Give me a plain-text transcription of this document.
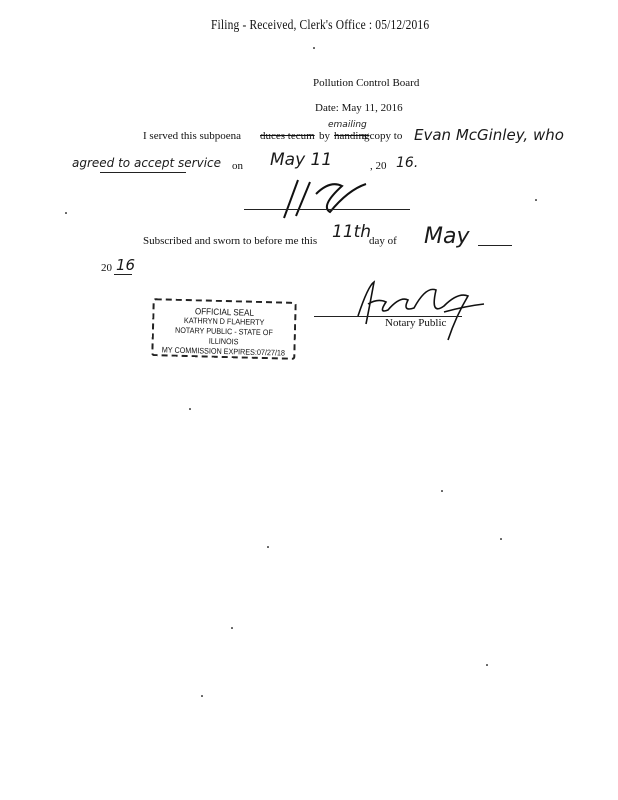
Filing - Received, Clerk's Office : 05/12/2016
Pollution Control Board
Date: May 11, 2016
I served this subpoena duces tecum by handing
emailing
a copy to Evan McGinley, who
agreed to accept service on May 11	, 20 16.
Subscribed and sworn to before me this 11th
day of May
20 16
OFFICIAL SEAL
KATHRYN D FLAHERTY
NOTARY PUBLIC - STATE OF ILLINOIS
MY COMMISSION EXPIRES:07/27/18
Notary Public
